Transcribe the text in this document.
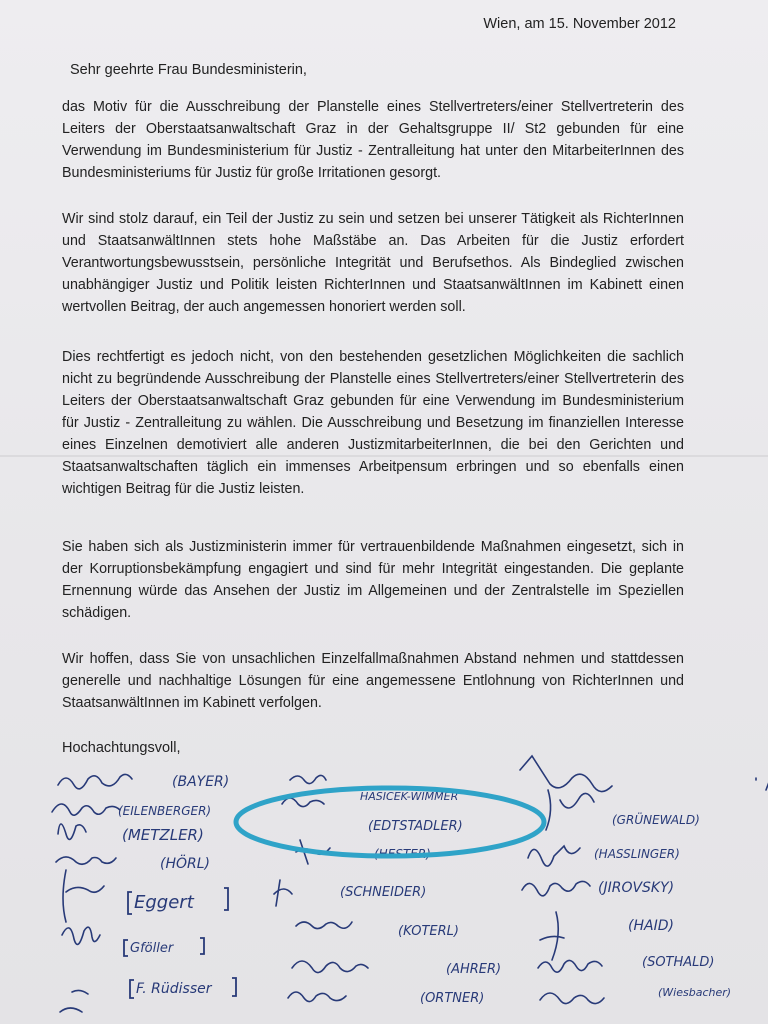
Wien, am 15. November 2012
Sehr geehrte Frau Bundesministerin,
das Motiv für die Ausschreibung der Planstelle eines Stellvertreters/einer Stellvertreterin des Leiters der Oberstaatsanwaltschaft Graz in der Gehaltsgruppe II/ St2 gebunden für eine Verwendung im Bundesministerium für Justiz - Zentralleitung hat unter den MitarbeiterInnen des Bundesministeriums für Justiz für große Irritationen gesorgt.
Wir sind stolz darauf, ein Teil der Justiz zu sein und setzen bei unserer Tätigkeit als RichterInnen und StaatsanwältInnen stets hohe Maßstäbe an. Das Arbeiten für die Justiz erfordert Verantwortungsbewusstsein, persönliche Integrität und Berufsethos. Als Bindeglied zwischen unabhängiger Justiz und Politik leisten RichterInnen und StaatsanwältInnen im Kabinett einen wertvollen Beitrag, der auch angemessen honoriert werden soll.
Dies rechtfertigt es jedoch nicht, von den bestehenden gesetzlichen Möglichkeiten die sachlich nicht zu begründende Ausschreibung der Planstelle eines Stellvertreters/einer Stellvertreterin des Leiters der Oberstaatsanwaltschaft Graz gebunden für eine Verwendung im Bundesministerium für Justiz - Zentralleitung zu wählen. Die Ausschreibung und Besetzung im finanziellen Interesse eines Einzelnen demotiviert alle anderen JustizmitarbeiterInnen, die bei den Gerichten und Staatsanwaltschaften täglich ein immenses Arbeitpensum erbringen und so ebenfalls einen wichtigen Beitrag für die Justiz leisten.
Sie haben sich als Justizministerin immer für vertrauenbildende Maßnahmen eingesetzt, sich in der Korruptionsbekämpfung engagiert und sind für mehr Integrität eingestanden. Die geplante Ernennung würde das Ansehen der Justiz im Allgemeinen und der Zentralstelle im Speziellen schädigen.
Wir hoffen, dass Sie von unsachlichen Einzelfallmaßnahmen Abstand nehmen und stattdessen generelle und nachhaltige Lösungen für eine angemessene Entlohnung von RichterInnen und StaatsanwältInnen im Kabinett verfolgen.
Hochachtungsvoll,
(BAYER)
(EILENBERGER)
(METZLER)
(HÖRL)
Eggert
Gföller
F. Rüdisser
HASICEK-WIMMER
(EDTSTADLER)
(HESTER)
(SCHNEIDER)
(KOTERL)
(AHRER)
(ORTNER)
(GRÜNEWALD)
(HASSLINGER)
(JIROVSKY)
(HAID)
(SOTHALD)
(Wiesbacher)
